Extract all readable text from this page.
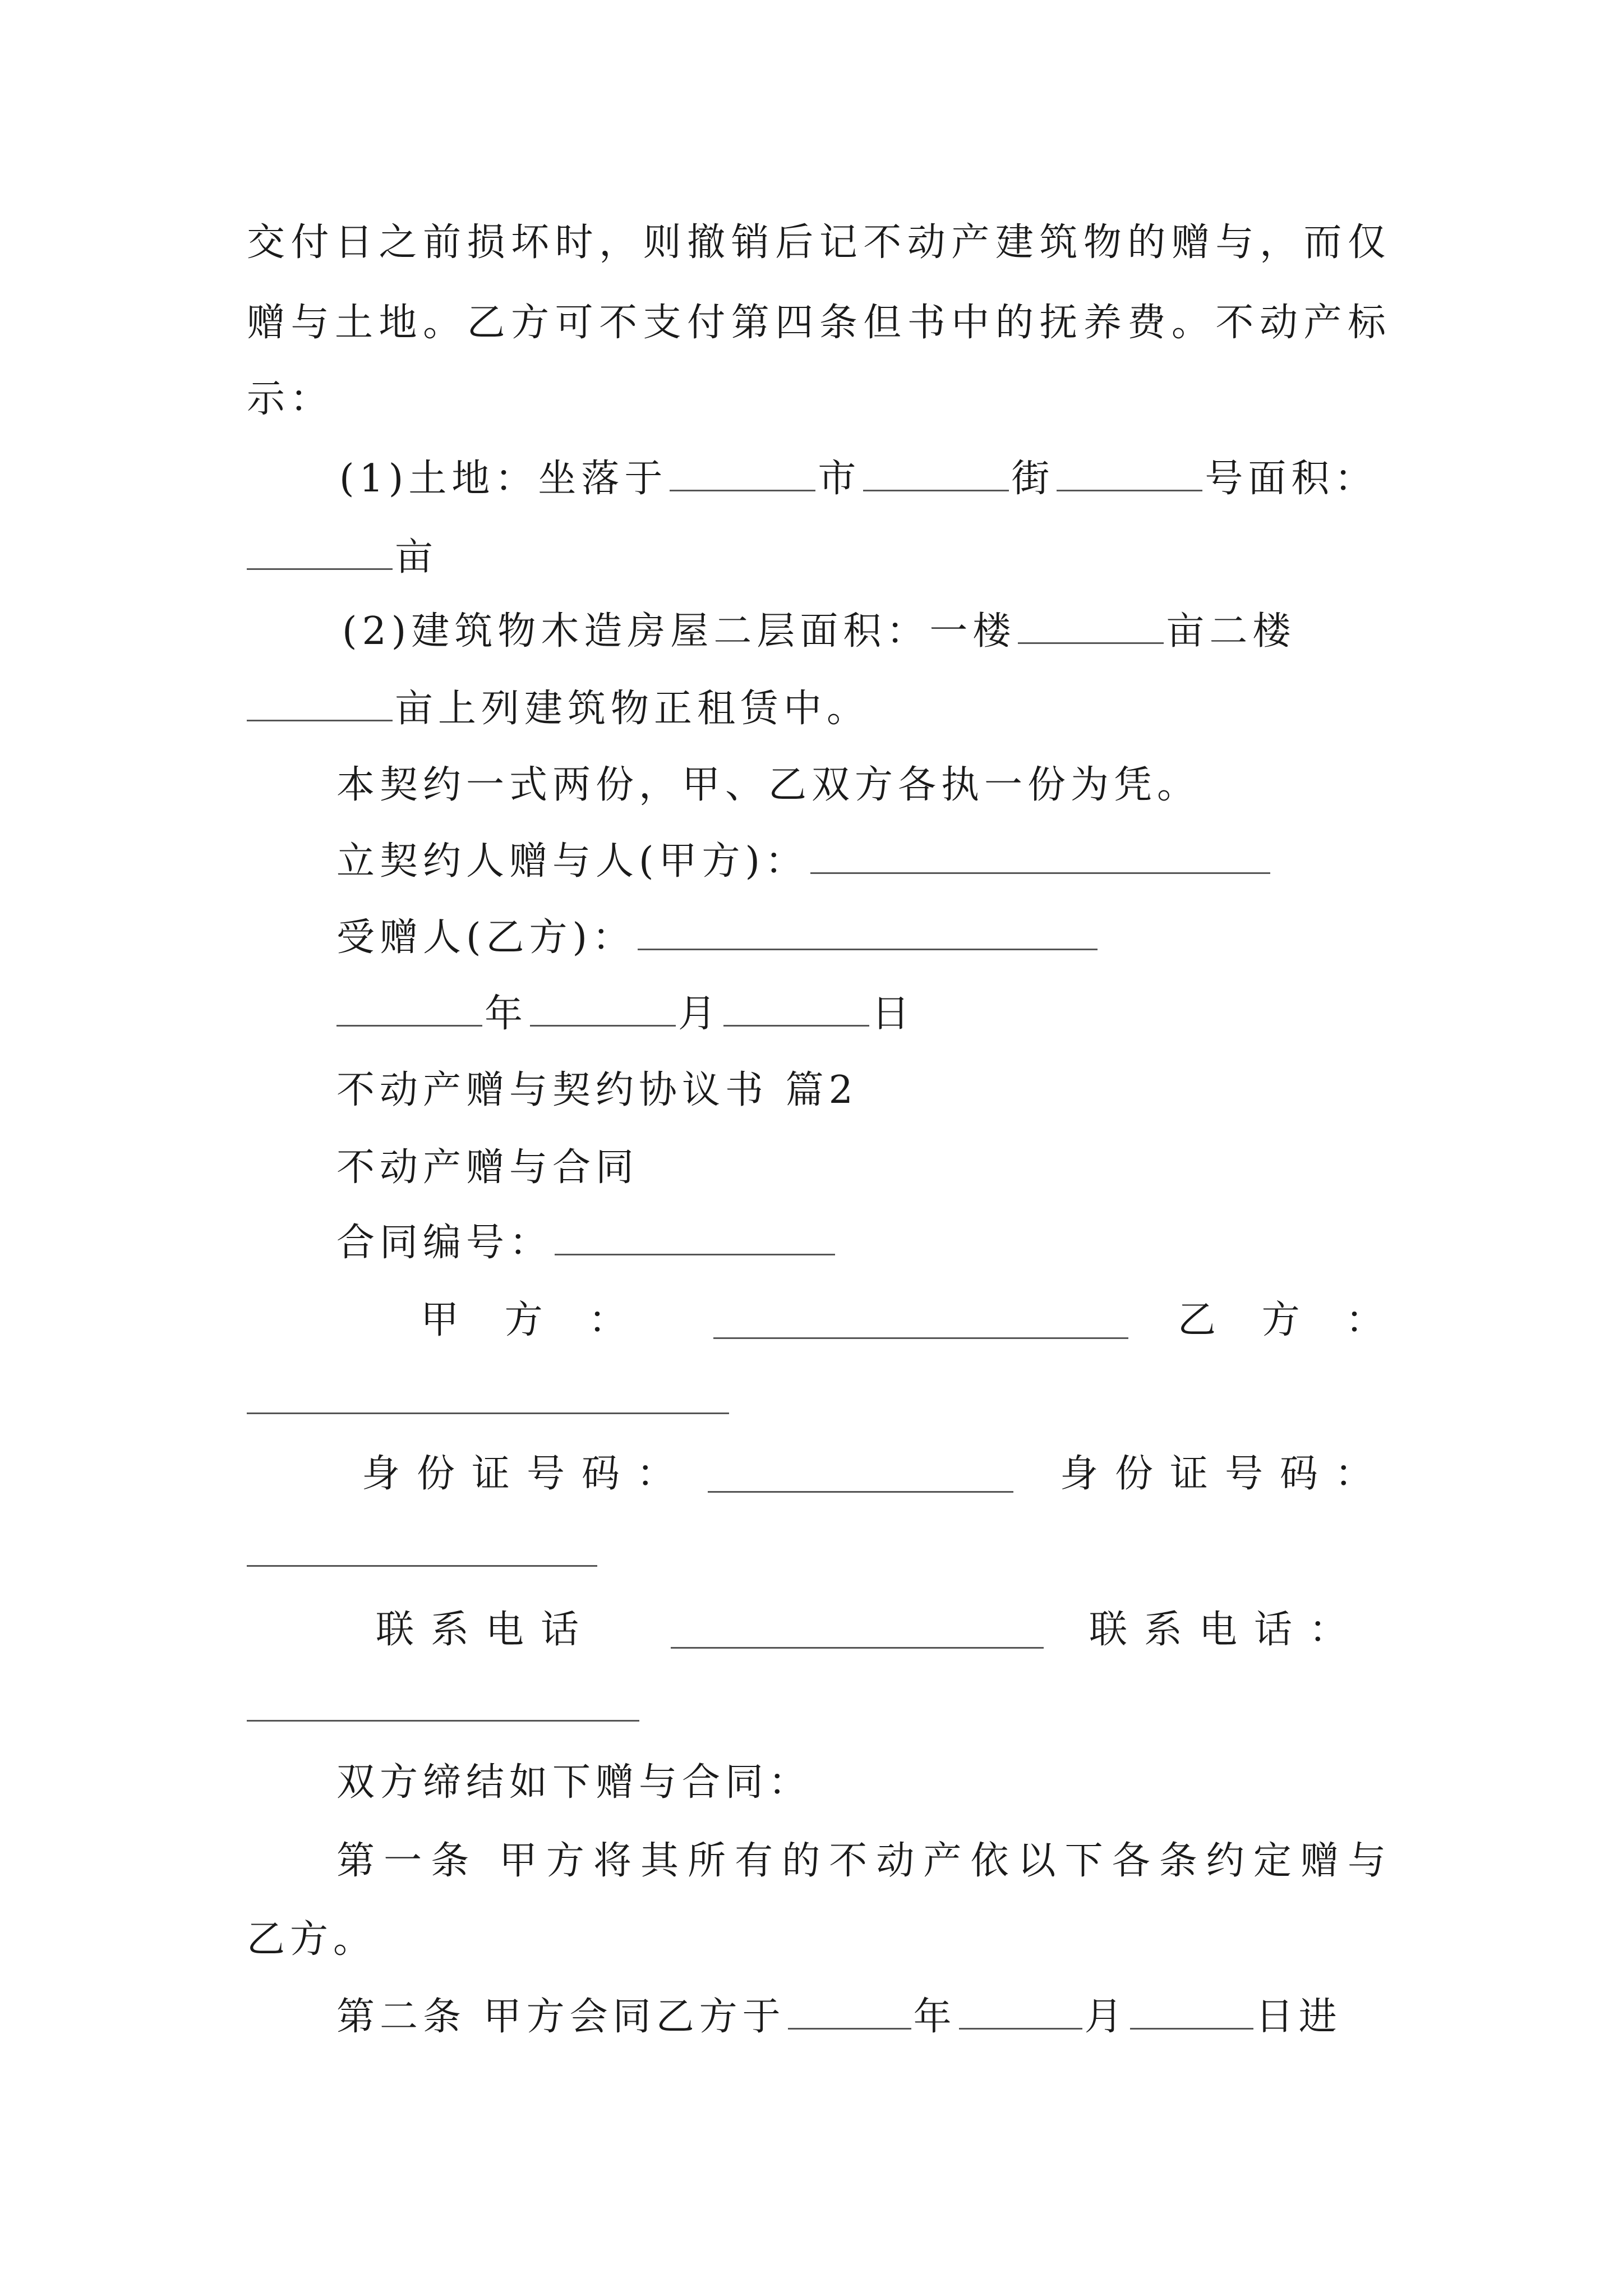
交付日之前损坏时，则撤销后记不动产建筑物的赠与，而仅
赠与土地。乙方可不支付第四条但书中的抚养费。不动产标
示：
(1)土地：坐落于	市	街	号面积：
亩
(2)建筑物木造房屋二层面积：一楼	亩二楼
亩上列建筑物正租赁中。
本契约一式两份，甲、乙双方各执一份为凭。
立契约人赠与人(甲方)：
受赠人(乙方)：
年	月	日
不动产赠与契约协议书 篇2
不动产赠与合同
合同编号：
甲 方 ：	乙 方 ：
身份证号码：	身份证号码：
联系电话	联系电话：
双方缔结如下赠与合同：
第一条 甲方将其所有的不动产依以下各条约定赠与
乙方。
第二条 甲方会同乙方于	年	月	日进
